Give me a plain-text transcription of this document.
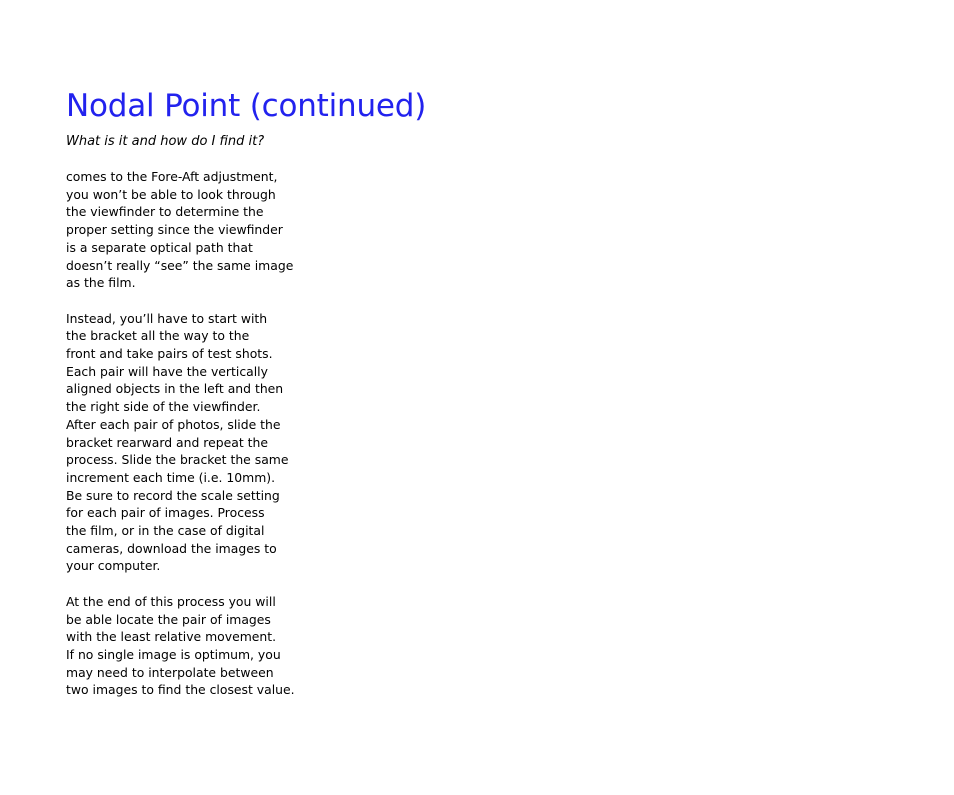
Nodal Point (continued)
What is it and how do I find it?

comes to the Fore-Aft adjustment,
you won’t be able to look through
the viewfinder to determine the
proper setting since the viewfinder
is a separate optical path that
doesn’t really “see” the same image
as the film.

Instead, you’ll have to start with
the bracket all the way to the
front and take pairs of test shots.
Each pair will have the vertically
aligned objects in the left and then
the right side of the viewfinder.
After each pair of photos, slide the
bracket rearward and repeat the
process. Slide the bracket the same
increment each time (i.e. 10mm).
Be sure to record the scale setting
for each pair of images. Process
the film, or in the case of digital
cameras, download the images to
your computer.

At the end of this process you will
be able locate the pair of images
with the least relative movement.
If no single image is optimum, you
may need to interpolate between
two images to find the closest value.
